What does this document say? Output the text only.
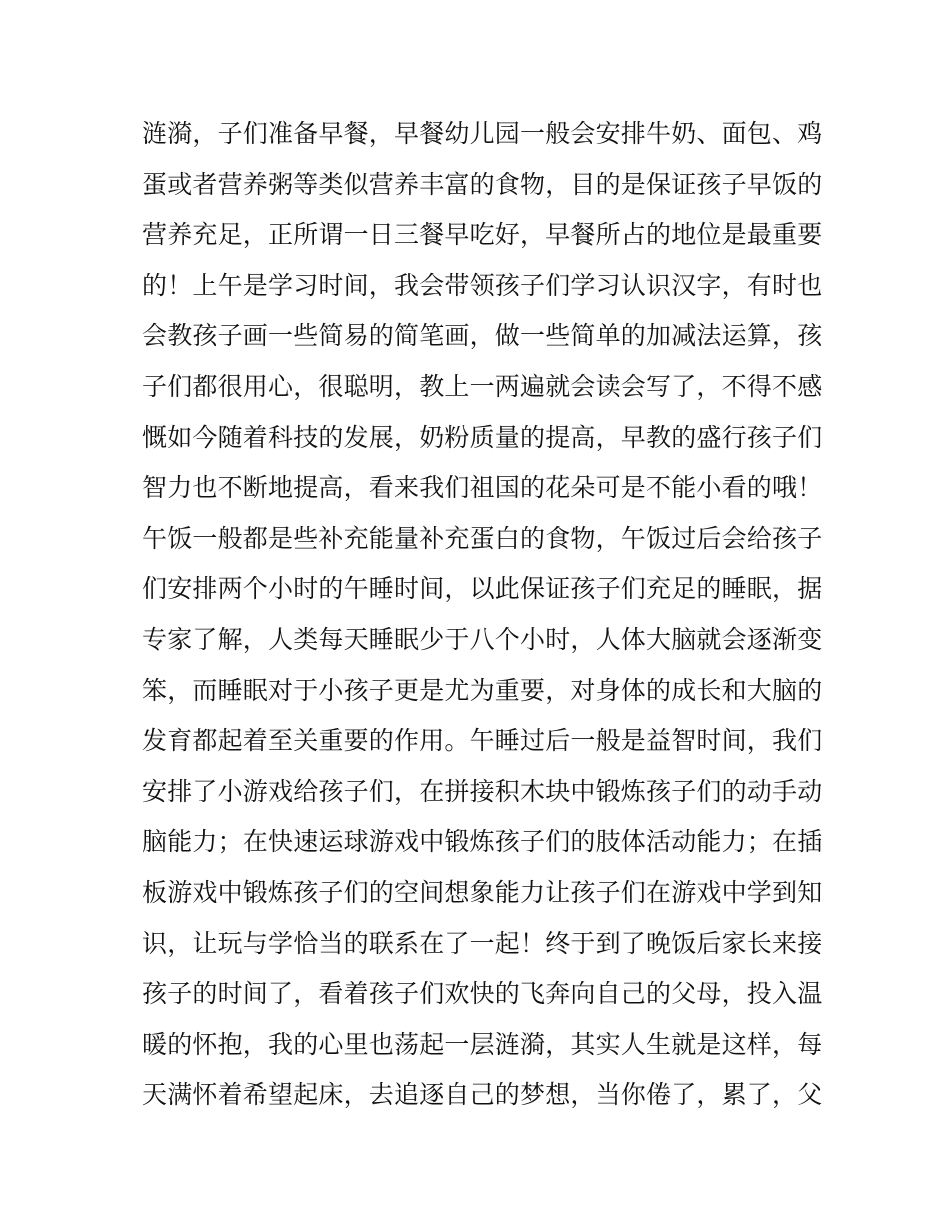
涟漪，子们准备早餐，早餐幼儿园一般会安排牛奶、面包、鸡
蛋或者营养粥等类似营养丰富的食物，目的是保证孩子早饭的
营养充足，正所谓一日三餐早吃好，早餐所占的地位是最重要
的！上午是学习时间，我会带领孩子们学习认识汉字，有时也
会教孩子画一些简易的简笔画，做一些简单的加减法运算，孩
子们都很用心，很聪明，教上一两遍就会读会写了，不得不感
慨如今随着科技的发展，奶粉质量的提高，早教的盛行孩子们
智力也不断地提高，看来我们祖国的花朵可是不能小看的哦！
午饭一般都是些补充能量补充蛋白的食物，午饭过后会给孩子
们安排两个小时的午睡时间，以此保证孩子们充足的睡眠，据
专家了解，人类每天睡眠少于八个小时，人体大脑就会逐渐变
笨，而睡眠对于小孩子更是尤为重要，对身体的成长和大脑的
发育都起着至关重要的作用。午睡过后一般是益智时间，我们
安排了小游戏给孩子们，在拼接积木块中锻炼孩子们的动手动
脑能力；在快速运球游戏中锻炼孩子们的肢体活动能力；在插
板游戏中锻炼孩子们的空间想象能力让孩子们在游戏中学到知
识，让玩与学恰当的联系在了一起！终于到了晚饭后家长来接
孩子的时间了，看着孩子们欢快的飞奔向自己的父母，投入温
暖的怀抱，我的心里也荡起一层涟漪，其实人生就是这样，每
天满怀着希望起床，去追逐自己的梦想，当你倦了，累了，父
